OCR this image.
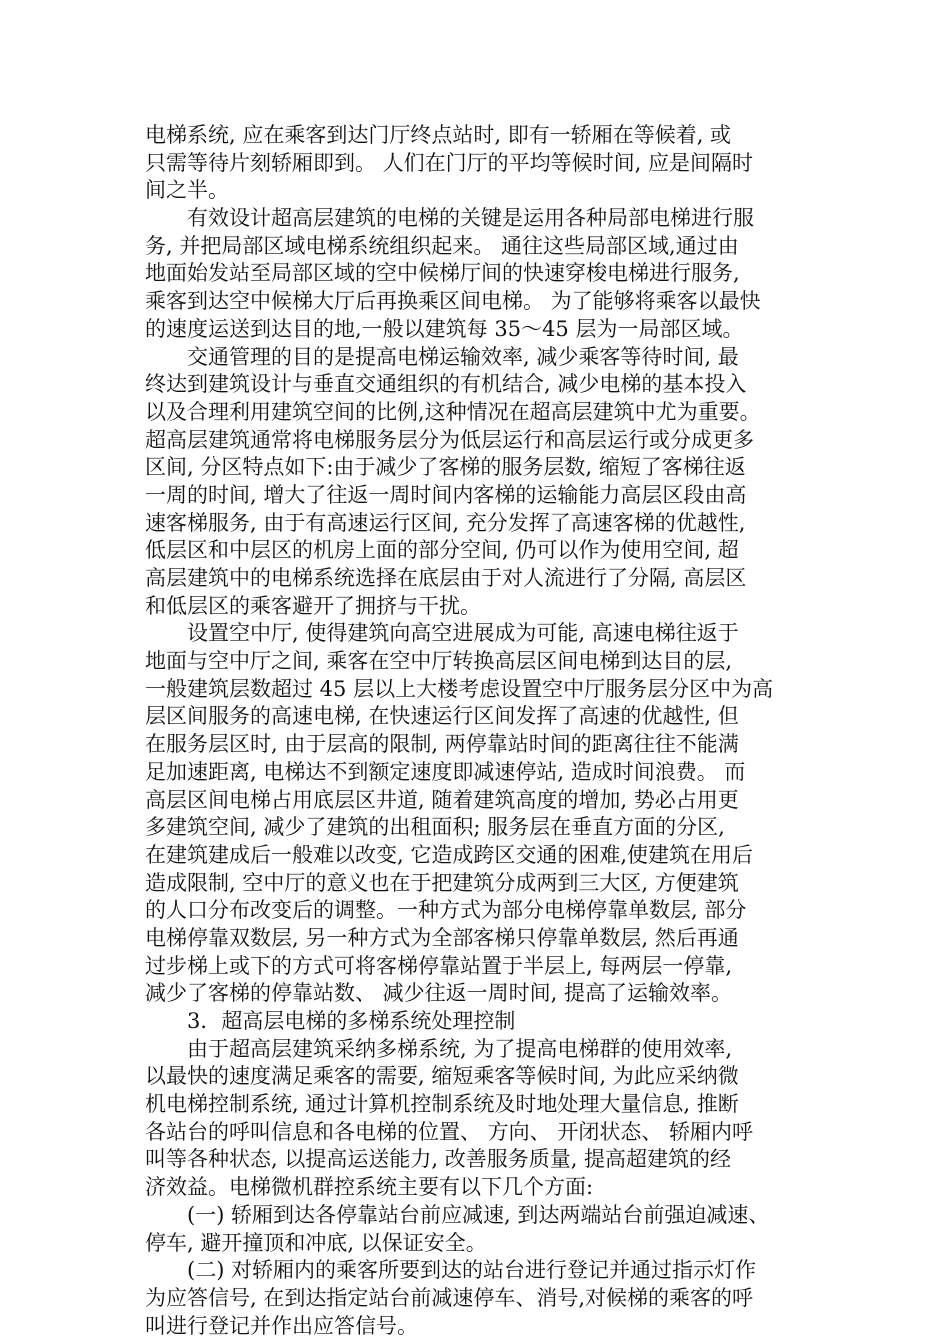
电梯系统, 应在乘客到达门厅终点站时, 即有一轿厢在等候着, 或
只需等待片刻轿厢即到。 人们在门厅的平均等候时间, 应是间隔时
间之半。
有效设计超高层建筑的电梯的关键是运用各种局部电梯进行服
务, 并把局部区域电梯系统组织起来。 通往这些局部区域,通过由
地面始发站至局部区域的空中候梯厅间的快速穿梭电梯进行服务,
乘客到达空中候梯大厅后再换乘区间电梯。 为了能够将乘客以最快
的速度运送到达目的地,一般以建筑每 35～45 层为一局部区域。
交通管理的目的是提高电梯运输效率, 减少乘客等待时间, 最
终达到建筑设计与垂直交通组织的有机结合, 减少电梯的基本投入
以及合理利用建筑空间的比例,这种情况在超高层建筑中尤为重要。
超高层建筑通常将电梯服务层分为低层运行和高层运行或分成更多
区间, 分区特点如下:由于减少了客梯的服务层数, 缩短了客梯往返
一周的时间, 增大了往返一周时间内客梯的运输能力高层区段由高
速客梯服务, 由于有高速运行区间, 充分发挥了高速客梯的优越性,
低层区和中层区的机房上面的部分空间, 仍可以作为使用空间, 超
高层建筑中的电梯系统选择在底层由于对人流进行了分隔, 高层区
和低层区的乘客避开了拥挤与干扰。
设置空中厅, 使得建筑向高空进展成为可能, 高速电梯往返于
地面与空中厅之间, 乘客在空中厅转换高层区间电梯到达目的层,
一般建筑层数超过 45 层以上大楼考虑设置空中厅服务层分区中为高
层区间服务的高速电梯, 在快速运行区间发挥了高速的优越性, 但
在服务层区时, 由于层高的限制, 两停靠站时间的距离往往不能满
足加速距离, 电梯达不到额定速度即减速停站, 造成时间浪费。 而
高层区间电梯占用底层区井道, 随着建筑高度的增加, 势必占用更
多建筑空间, 减少了建筑的出租面积; 服务层在垂直方面的分区,
在建筑建成后一般难以改变, 它造成跨区交通的困难,使建筑在用后
造成限制, 空中厅的意义也在于把建筑分成两到三大区, 方便建筑
的人口分布改变后的调整。一种方式为部分电梯停靠单数层, 部分
电梯停靠双数层, 另一种方式为全部客梯只停靠单数层, 然后再通
过步梯上或下的方式可将客梯停靠站置于半层上, 每两层一停靠,
减少了客梯的停靠站数、 减少往返一周时间, 提高了运输效率。
3．超高层电梯的多梯系统处理控制
由于超高层建筑采纳多梯系统, 为了提高电梯群的使用效率,
以最快的速度满足乘客的需要, 缩短乘客等候时间, 为此应采纳微
机电梯控制系统, 通过计算机控制系统及时地处理大量信息, 推断
各站台的呼叫信息和各电梯的位置、 方向、 开闭状态、 轿厢内呼
叫等各种状态, 以提高运送能力, 改善服务质量, 提高超建筑的经
济效益。电梯微机群控系统主要有以下几个方面:
(一) 轿厢到达各停靠站台前应减速, 到达两端站台前强迫减速、
停车, 避开撞顶和冲底, 以保证安全。
(二) 对轿厢内的乘客所要到达的站台进行登记并通过指示灯作
为应答信号, 在到达指定站台前减速停车、消号,对候梯的乘客的呼
叫进行登记并作出应答信号。
